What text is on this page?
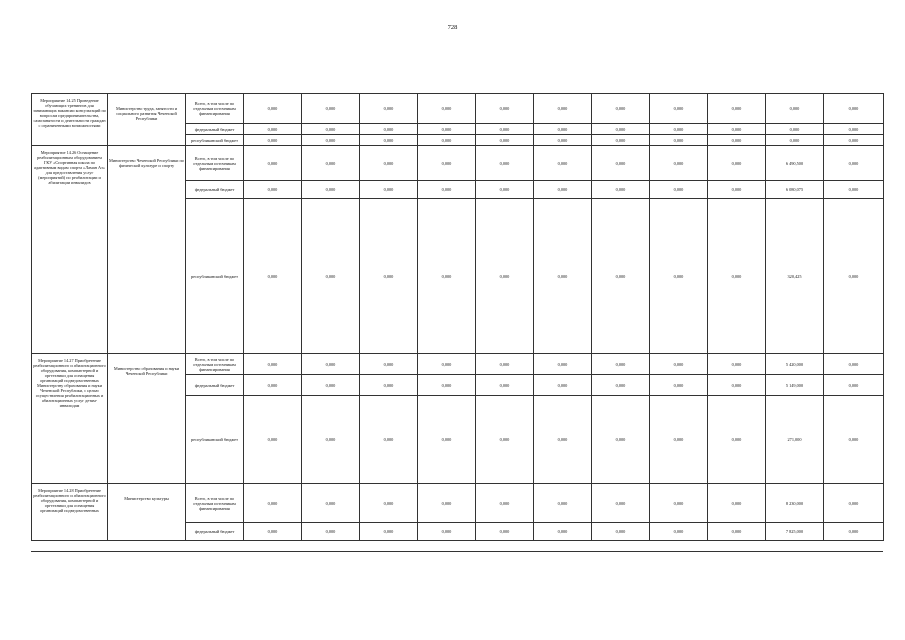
728
Мероприятие 14.25 Проведение обучающих тренингов для занимающих вакансии консультаций по вопросам предпринимательства, самозанятости и деятельности граждан с ограниченными возможностями	Министерство труда, занятости и социального развития Чеченской Республики	Всего, в том числе по отдельным источникам финансирования	0,000	0,000	0,000	0,000	0,000	0,000	0,000	0,000	0,000	0,000	0,000
		федеральный бюджет	0,000	0,000	0,000	0,000	0,000	0,000	0,000	0,000	0,000	0,000	0,000
		республиканский бюджет	0,000	0,000	0,000	0,000	0,000	0,000	0,000	0,000	0,000	0,000	0,000
Мероприятие 14.26 Оснащение реабилитационным оборудованием ГКУ «Спортивная школа по адаптивным видам спорта «Ламан Аз» для предоставления услуг (мероприятий) по реабилитации и абилитации инвалидов	Министерство Чеченской Республики по физической культуре и спорту	Всего, в том числе по отдельным источникам финансирования	0,000	0,000	0,000	0,000	0,000	0,000	0,000	0,000	0,000	6 490,500	0,000
		федеральный бюджет	0,000	0,000	0,000	0,000	0,000	0,000	0,000	0,000	0,000	6 080,075	0,000
		республиканский бюджет	0,000	0,000	0,000	0,000	0,000	0,000	0,000	0,000	0,000	320,425	0,000
Мероприятие 14.27 Приобретение реабилитационного и абилитационного оборудования, компьютерной и оргтехники для оснащения организаций подведомственных Министерству образования и науки Чеченской Республики, с целью осуществления реабилитационных и абилитационных услуг детям-инвалидам	Министерство образования и науки Чеченской Республики	Всего, в том числе по отдельным источникам финансирования	0,000	0,000	0,000	0,000	0,000	0,000	0,000	0,000	0,000	5 420,000	0,000
		федеральный бюджет	0,000	0,000	0,000	0,000	0,000	0,000	0,000	0,000	0,000	5 149,000	0,000
		республиканский бюджет	0,000	0,000	0,000	0,000	0,000	0,000	0,000	0,000	0,000	271,000	0,000
Мероприятие 14.28 Приобретение реабилитационного и абилитационного оборудования, компьютерной и оргтехники для оснащения организаций подведомственных	Министерство культуры	Всего, в том числе по отдельным источникам финансирования	0,000	0,000	0,000	0,000	0,000	0,000	0,000	0,000	0,000	8 230,000	0,000
		федеральный бюджет	0,000	0,000	0,000	0,000	0,000	0,000	0,000	0,000	0,000	7 825,000	0,000
